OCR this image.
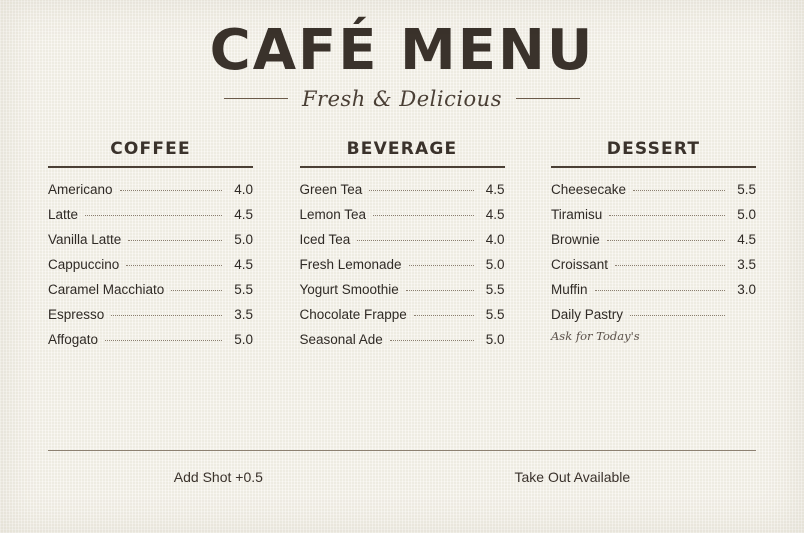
CAFÉ MENU
Fresh & Delicious
COFFEE
Americano	4.0
Latte	4.5
Vanilla Latte	5.0
Cappuccino	4.5
Caramel Macchiato	5.5
Espresso	3.5
Affogato	5.0
BEVERAGE
Green Tea	4.5
Lemon Tea	4.5
Iced Tea	4.0
Fresh Lemonade	5.0
Yogurt Smoothie	5.5
Chocolate Frappe	5.5
Seasonal Ade	5.0
DESSERT
Cheesecake	5.5
Tiramisu	5.0
Brownie	4.5
Croissant	3.5
Muffin	3.0
Daily Pastry
Ask for Today's
Add Shot +0.5	Take Out Available
